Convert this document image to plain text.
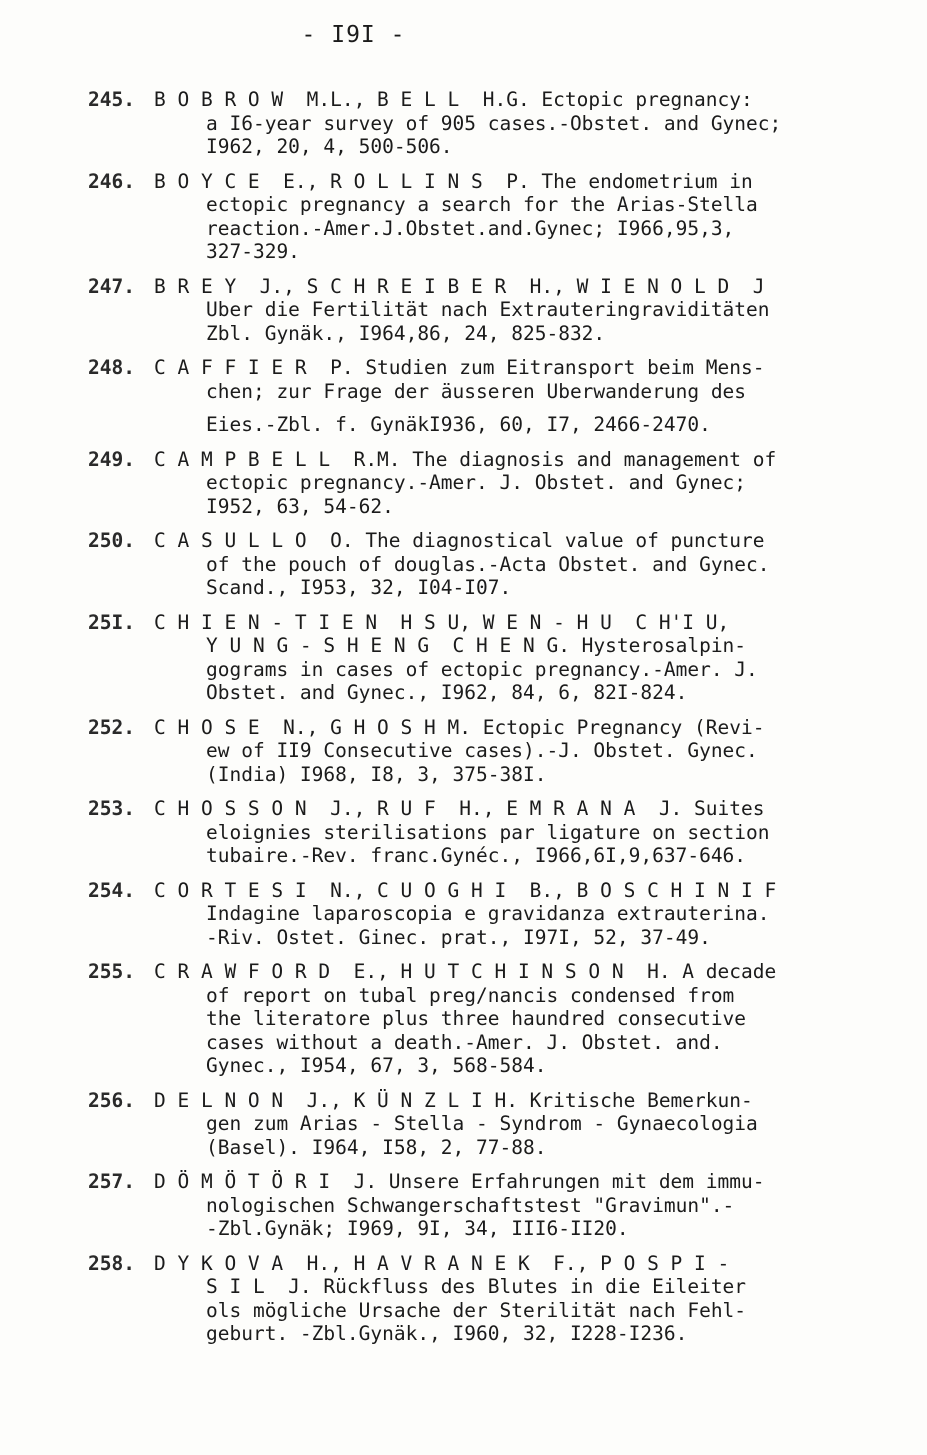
- I9I -
245. B O B R O W  M.L., B E L L  H.G. Ectopic pregnancy:
a I6-year survey of 905 cases.-Obstet. and Gynec;
I962, 20, 4, 500-506.
246. B O Y C E  E., R O L L I N S  P. The endometrium in
ectopic pregnancy a search for the Arias-Stella
reaction.-Amer.J.Obstet.and.Gynec; I966,95,3,
327-329.
247. B R E Y  J., S C H R E I B E R  H., W I E N O L D  J
Uber die Fertilität nach Extrauteringraviditäten
Zbl. Gynäk., I964,86, 24, 825-832.
248. C A F F I E R  P. Studien zum Eitransport beim Mens-
chen; zur Frage der äusseren Uberwanderung des
Eies.-Zbl. f. GynäkI936, 60, I7, 2466-2470.
249. C A M P B E L L  R.M. The diagnosis and management of
ectopic pregnancy.-Amer. J. Obstet. and Gynec;
I952, 63, 54-62.
250. C A S U L L O  O. The diagnostical value of puncture
of the pouch of douglas.-Acta Obstet. and Gynec.
Scand., I953, 32, I04-I07.
25I. C H I E N - T I E N  H S U, W E N - H U  C H'I U,
Y U N G - S H E N G  C H E N G. Hysterosalpin-
gograms in cases of ectopic pregnancy.-Amer. J.
Obstet. and Gynec., I962, 84, 6, 82I-824.
252. C H O S E  N., G H O S H M. Ectopic Pregnancy (Revi-
ew of II9 Consecutive cases).-J. Obstet. Gynec.
(India) I968, I8, 3, 375-38I.
253. C H O S S O N  J., R U F  H., E M R A N A  J. Suites
eloignies sterilisations par ligature on section
tubaire.-Rev. franc.Gynéc., I966,6I,9,637-646.
254. C O R T E S I  N., C U O G H I  B., B O S C H I N I F
Indagine laparoscopia e gravidanza extrauterina.
-Riv. Ostet. Ginec. prat., I97I, 52, 37-49.
255. C R A W F O R D  E., H U T C H I N S O N  H. A decade
of report on tubal preg/nancis condensed from
the literatore plus three haundred consecutive
cases without a death.-Amer. J. Obstet. and.
Gynec., I954, 67, 3, 568-584.
256. D E L N O N  J., K Ü N Z L I H. Kritische Bemerkun-
gen zum Arias - Stella - Syndrom - Gynaecologia
(Basel). I964, I58, 2, 77-88.
257. D Ö M Ö T Ö R I  J. Unsere Erfahrungen mit dem immu-
nologischen Schwangerschaftstest "Gravimun".-
-Zbl.Gynäk; I969, 9I, 34, III6-II20.
258. D Y K O V A  H., H A V R A N E K  F., P O S P I -
S I L  J. Rückfluss des Blutes in die Eileiter
ols mögliche Ursache der Sterilität nach Fehl-
geburt. -Zbl.Gynäk., I960, 32, I228-I236.
